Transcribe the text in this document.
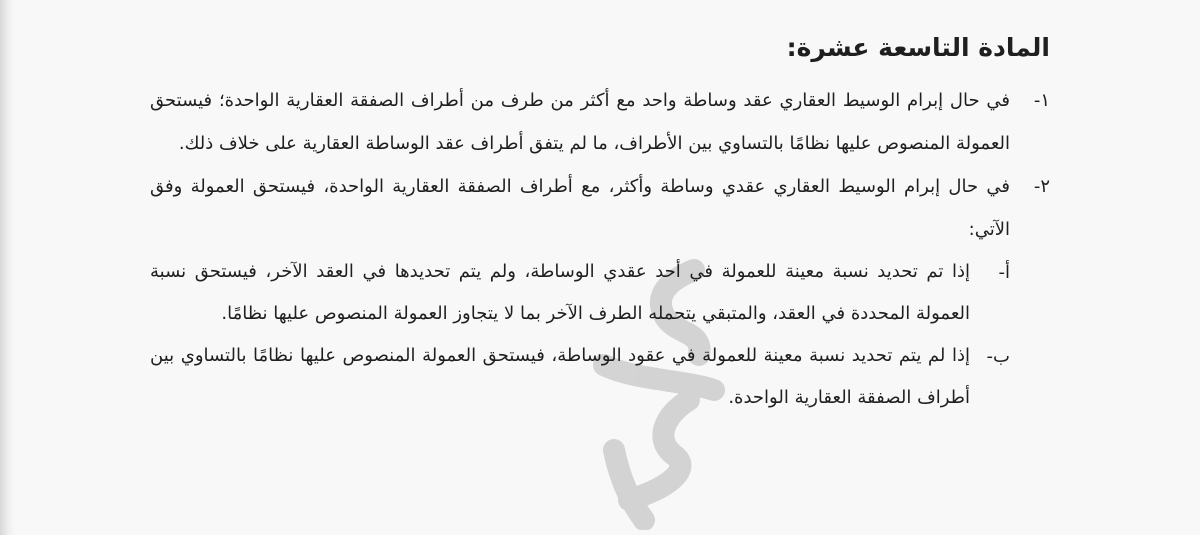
المادة التاسعة عشرة:
١-
في حال إبرام الوسيط العقاري عقد وساطة واحد مع أكثر من طرف من أطراف الصفقة العقارية الواحدة؛ فيستحق العمولة المنصوص عليها نظامًا بالتساوي بين الأطراف، ما لم يتفق أطراف عقد الوساطة العقارية على خلاف ذلك.
٢-
في حال إبرام الوسيط العقاري عقدي وساطة وأكثر، مع أطراف الصفقة العقارية الواحدة، فيستحق العمولة وفق الآتي:
أ-
إذا تم تحديد نسبة معينة للعمولة في أحد عقدي الوساطة، ولم يتم تحديدها في العقد الآخر، فيستحق نسبة العمولة المحددة في العقد، والمتبقي يتحمله الطرف الآخر بما لا يتجاوز العمولة المنصوص عليها نظامًا.
ب-
إذا لم يتم تحديد نسبة معينة للعمولة في عقود الوساطة، فيستحق العمولة المنصوص عليها نظامًا بالتساوي بين أطراف الصفقة العقارية الواحدة.
